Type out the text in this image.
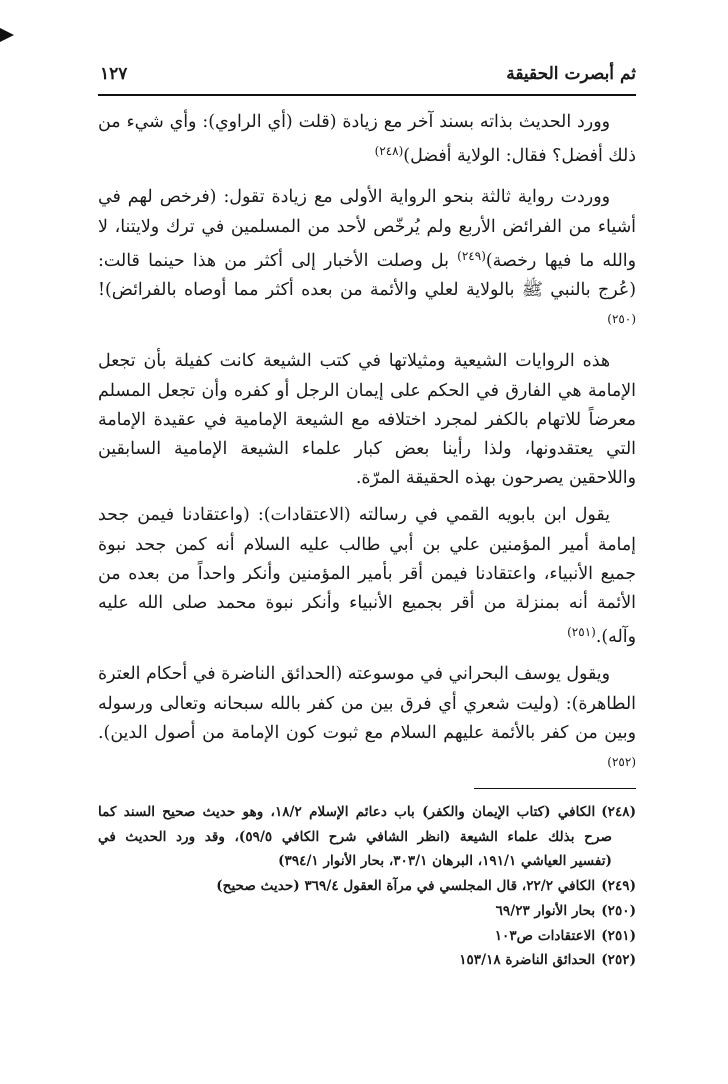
ثم أبصرت الحقيقة
١٢٧

وورد الحديث بذاته بسند آخر مع زيادة (قلت (أي الراوي): وأي شيء من ذلك أفضل؟ فقال: الولاية أفضل)$^{(٢٤٨)}$

ووردت رواية ثالثة بنحو الرواية الأولى مع زيادة تقول: (فرخص لهم في أشياء من الفرائض الأربع ولم يُرخّص لأحد من المسلمين في ترك ولايتنا، لا والله ما فيها رخصة)$^{(٢٤٩)}$ بل وصلت الأخبار إلى أكثر من هذا حينما قالت: (عُرج بالنبي ﷺ بالولاية لعلي والأئمة من بعده أكثر مما أوصاه بالفرائض)!$^{(٢٥٠)}$

هذه الروايات الشيعية ومثيلاتها في كتب الشيعة كانت كفيلة بأن تجعل الإمامة هي الفارق في الحكم على إيمان الرجل أو كفره وأن تجعل المسلم معرضاً للاتهام بالكفر لمجرد اختلافه مع الشيعة الإمامية في عقيدة الإمامة التي يعتقدونها، ولذا رأينا بعض كبار علماء الشيعة الإمامية السابقين واللاحقين يصرحون بهذه الحقيقة المرّة.

يقول ابن بابويه القمي في رسالته (الاعتقادات): (واعتقادنا فيمن جحد إمامة أمير المؤمنين علي بن أبي طالب عليه السلام أنه كمن جحد نبوة جميع الأنبياء، واعتقادنا فيمن أقر بأمير المؤمنين وأنكر واحداً من بعده من الأئمة أنه بمنزلة من أقر بجميع الأنبياء وأنكر نبوة محمد صلى الله عليه وآله).$^{(٢٥١)}$

ويقول يوسف البحراني في موسوعته (الحدائق الناضرة في أحكام العترة الطاهرة): (وليت شعري أي فرق بين من كفر بالله سبحانه وتعالى ورسوله وبين من كفر بالأئمة عليهم السلام مع ثبوت كون الإمامة من أصول الدين).$^{(٢٥٢)}$

(٢٤٨)الكافي (كتاب الإيمان والكفر) باب دعائم الإسلام ١٨/٢، وهو حديث صحيح السند كما
صرح بذلك علماء الشيعة (انظر الشافي شرح الكافي ٥٩/٥)، وقد ورد الحديث في
(تفسير العياشي ١٩١/١، البرهان ٣٠٣/١، بحار الأنوار ٣٩٤/١)
(٢٤٩)الكافي ٢٢/٢، قال المجلسي في مرآة العقول ٣٦٩/٤ (حديث صحيح)
(٢٥٠)بحار الأنوار ٦٩/٢٣
(٢٥١)الاعتقادات ص١٠٣
(٢٥٢)الحدائق الناضرة ١٥٣/١٨
